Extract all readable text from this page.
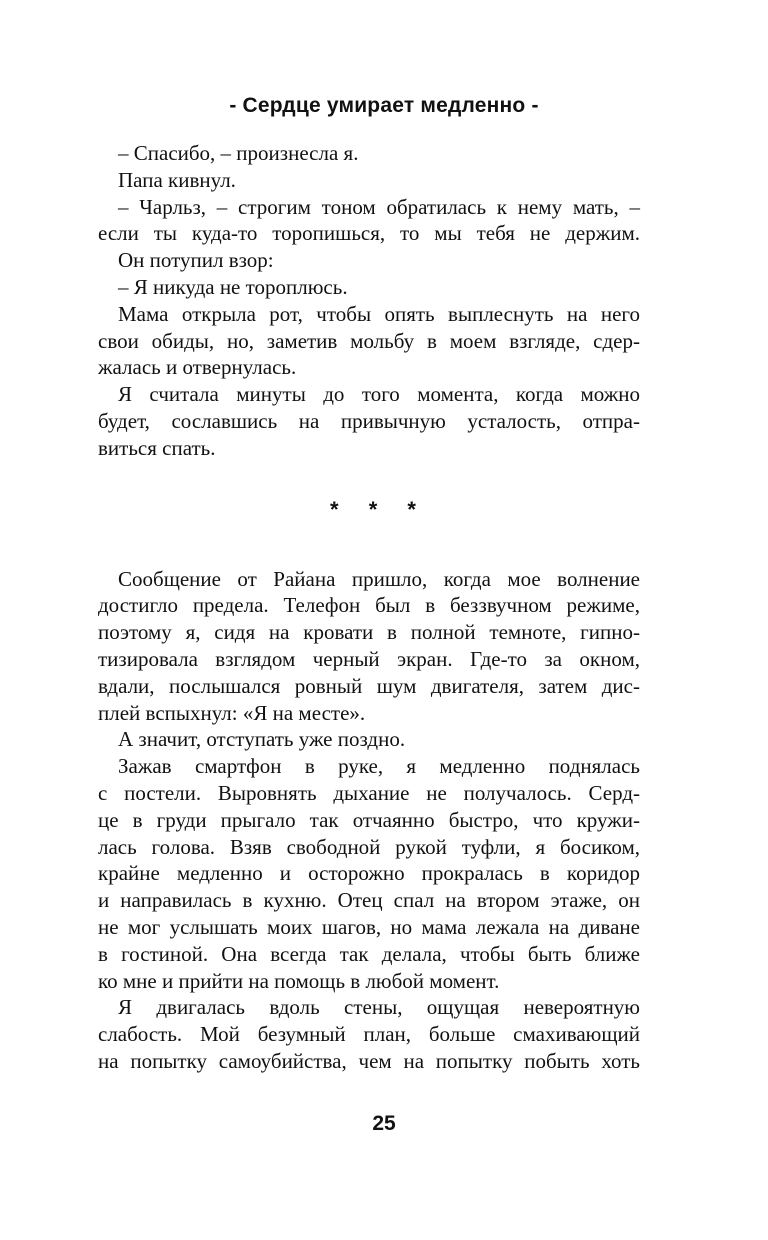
- Сердце умирает медленно -
– Спасибо, – произнесла я.
Папа кивнул.
– Чарльз, – строгим тоном обратилась к нему мать, –
если ты куда-то торопишься, то мы тебя не держим.
Он потупил взор:
– Я никуда не тороплюсь.
Мама открыла рот, чтобы опять выплеснуть на него
свои обиды, но, заметив мольбу в моем взгляде, сдер-
жалась и отвернулась.
Я считала минуты до того момента, когда можно
будет, сославшись на привычную усталость, отпра-
виться спать.
* * *
Сообщение от Райана пришло, когда мое волнение
достигло предела. Телефон был в беззвучном режиме,
поэтому я, сидя на кровати в полной темноте, гипно-
тизировала взглядом черный экран. Где-то за окном,
вдали, послышался ровный шум двигателя, затем дис-
плей вспыхнул: «Я на месте».
А значит, отступать уже поздно.
Зажав смартфон в руке, я медленно поднялась
с постели. Выровнять дыхание не получалось. Серд-
це в груди прыгало так отчаянно быстро, что кружи-
лась голова. Взяв свободной рукой туфли, я босиком,
крайне медленно и осторожно прокралась в коридор
и направилась в кухню. Отец спал на втором этаже, он
не мог услышать моих шагов, но мама лежала на диване
в гостиной. Она всегда так делала, чтобы быть ближе
ко мне и прийти на помощь в любой момент.
Я двигалась вдоль стены, ощущая невероятную
слабость. Мой безумный план, больше смахивающий
на попытку самоубийства, чем на попытку побыть хоть
25
